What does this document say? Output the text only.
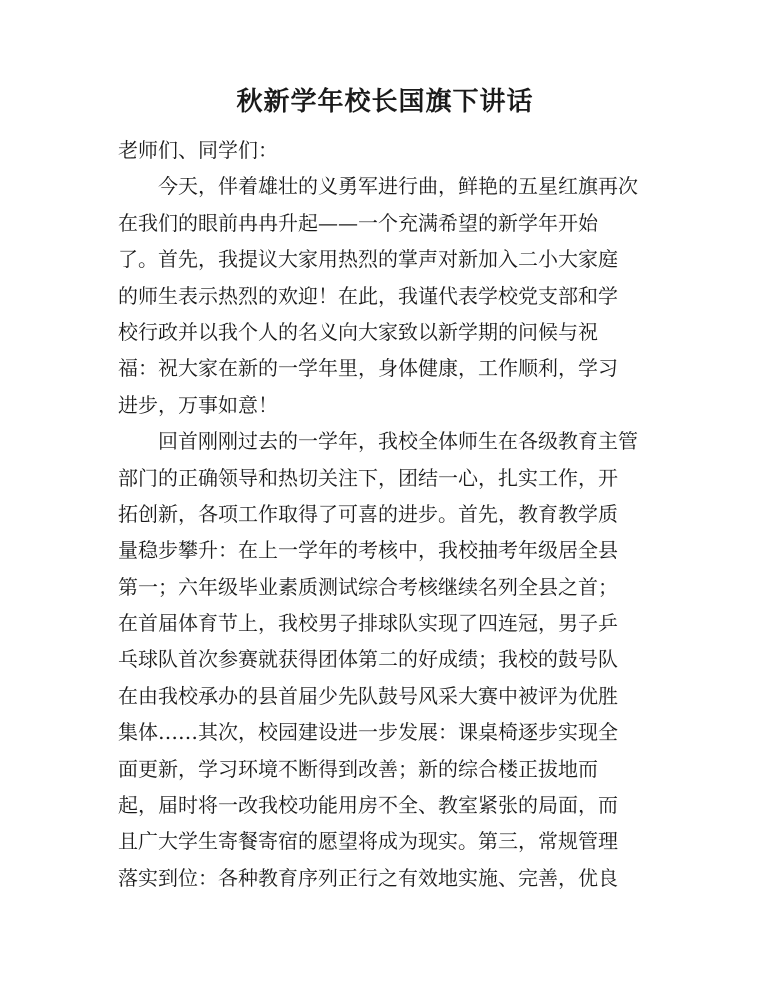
秋新学年校长国旗下讲话
老师们、同学们：
今天，伴着雄壮的义勇军进行曲，鲜艳的五星红旗再次
在我们的眼前冉冉升起——一个充满希望的新学年开始
了。首先，我提议大家用热烈的掌声对新加入二小大家庭
的师生表示热烈的欢迎！在此，我谨代表学校党支部和学
校行政并以我个人的名义向大家致以新学期的问候与祝
福：祝大家在新的一学年里，身体健康，工作顺利，学习
进步，万事如意！
回首刚刚过去的一学年，我校全体师生在各级教育主管
部门的正确领导和热切关注下，团结一心，扎实工作，开
拓创新，各项工作取得了可喜的进步。首先，教育教学质
量稳步攀升：在上一学年的考核中，我校抽考年级居全县
第一；六年级毕业素质测试综合考核继续名列全县之首；
在首届体育节上，我校男子排球队实现了四连冠，男子乒
乓球队首次参赛就获得团体第二的好成绩；我校的鼓号队
在由我校承办的县首届少先队鼓号风采大赛中被评为优胜
集体……其次，校园建设进一步发展：课桌椅逐步实现全
面更新，学习环境不断得到改善；新的综合楼正拔地而
起，届时将一改我校功能用房不全、教室紧张的局面，而
且广大学生寄餐寄宿的愿望将成为现实。第三，常规管理
落实到位：各种教育序列正行之有效地实施、完善，优良
